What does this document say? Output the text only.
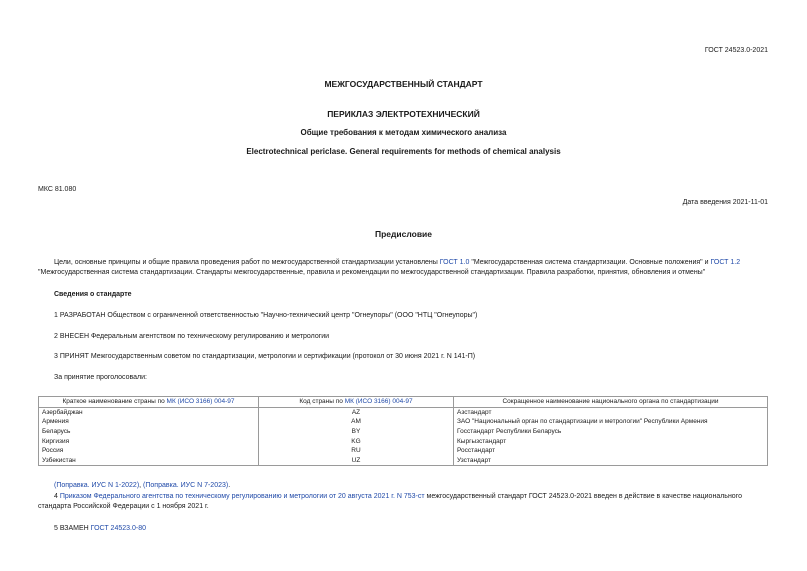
ГОСТ 24523.0-2021
МЕЖГОСУДАРСТВЕННЫЙ СТАНДАРТ
ПЕРИКЛАЗ ЭЛЕКТРОТЕХНИЧЕСКИЙ
Общие требования к методам химического анализа
Electrotechnical periclase. General requirements for methods of chemical analysis
МКС 81.080
Дата введения 2021-11-01
Предисловие
Цели, основные принципы и общие правила проведения работ по межгосударственной стандартизации установлены ГОСТ 1.0 "Межгосударственная система стандартизации. Основные положения" и ГОСТ 1.2 "Межгосударственная система стандартизации. Стандарты межгосударственные, правила и рекомендации по межгосударственной стандартизации. Правила разработки, принятия, обновления и отмены"
Сведения о стандарте
1 РАЗРАБОТАН Обществом с ограниченной ответственностью "Научно-технический центр "Огнеупоры" (ООО "НТЦ "Огнеупоры")
2 ВНЕСЕН Федеральным агентством по техническому регулированию и метрологии
3 ПРИНЯТ Межгосударственным советом по стандартизации, метрологии и сертификации (протокол от 30 июня 2021 г. N 141-П)
За принятие проголосовали:
Краткое наименование страны по МК (ИСО 3166) 004-97	Код страны по МК (ИСО 3166) 004-97	Сокращенное наименование национального органа по стандартизации
Азербайджан	AZ	Азстандарт
Армения	AM	ЗАО "Национальный орган по стандартизации и метрологии" Республики Армения
Беларусь	BY	Госстандарт Республики Беларусь
Киргизия	KG	Кыргызстандарт
Россия	RU	Росстандарт
Узбекистан	UZ	Узстандарт
(Поправка. ИУС N 1-2022), (Поправка. ИУС N 7-2023).
4 Приказом Федерального агентства по техническому регулированию и метрологии от 20 августа 2021 г. N 753-ст межгосударственный стандарт ГОСТ 24523.0-2021 введен в действие в качестве национального стандарта Российской Федерации с 1 ноября 2021 г.
5 ВЗАМЕН ГОСТ 24523.0-80
